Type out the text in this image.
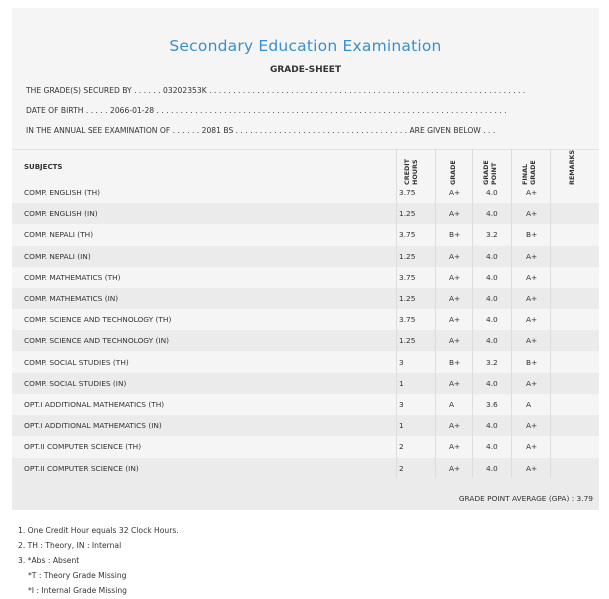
Secondary Education Examination
GRADE-SHEET
THE GRADE(S) SECURED BY . . . . . . 03202353K . . . . . . . . . . . . . . . . . . . . . . . . . . . . . . . . . . . . . . . . . . . . . . . . . . . . . . . . . . . . . . . . . .
DATE OF BIRTH . . . . . 2066-01-28 . . . . . . . . . . . . . . . . . . . . . . . . . . . . . . . . . . . . . . . . . . . . . . . . . . . . . . . . . . . . . . . . . . . . . . . . .
IN THE ANNUAL SEE EXAMINATION OF . . . . . . 2081 BS . . . . . . . . . . . . . . . . . . . . . . . . . . . . . . . . . . . . ARE GIVEN BELOW . . .
COMP. ENGLISH (TH)	3.75	A+	4.0	A+
COMP. ENGLISH (IN)	1.25	A+	4.0	A+
COMP. NEPALI (TH)	3.75	B+	3.2	B+
COMP. NEPALI (IN)	1.25	A+	4.0	A+
COMP. MATHEMATICS (TH)	3.75	A+	4.0	A+
COMP. MATHEMATICS (IN)	1.25	A+	4.0	A+
COMP. SCIENCE AND TECHNOLOGY (TH)	3.75	A+	4.0	A+
COMP. SCIENCE AND TECHNOLOGY (IN)	1.25	A+	4.0	A+
COMP. SOCIAL STUDIES (TH)	3	B+	3.2	B+
COMP. SOCIAL STUDIES (IN)	1	A+	4.0	A+
OPT.I ADDITIONAL MATHEMATICS (TH)	3	A	3.6	A
OPT.I ADDITIONAL MATHEMATICS (IN)	1	A+	4.0	A+
OPT.II COMPUTER SCIENCE (TH)	2	A+	4.0	A+
OPT.II COMPUTER SCIENCE (IN)	2	A+	4.0	A+
SUBJECTS	CREDIT HOURS	GRADE	GRADE POINT	FINAL GRADE	REMARKS
GRADE POINT AVERAGE (GPA) : 3.79
1. One Credit Hour equals 32 Clock Hours.
2. TH : Theory, IN : Internal
3. *Abs : Absent
*T : Theory Grade Missing
*I : Internal Grade Missing
